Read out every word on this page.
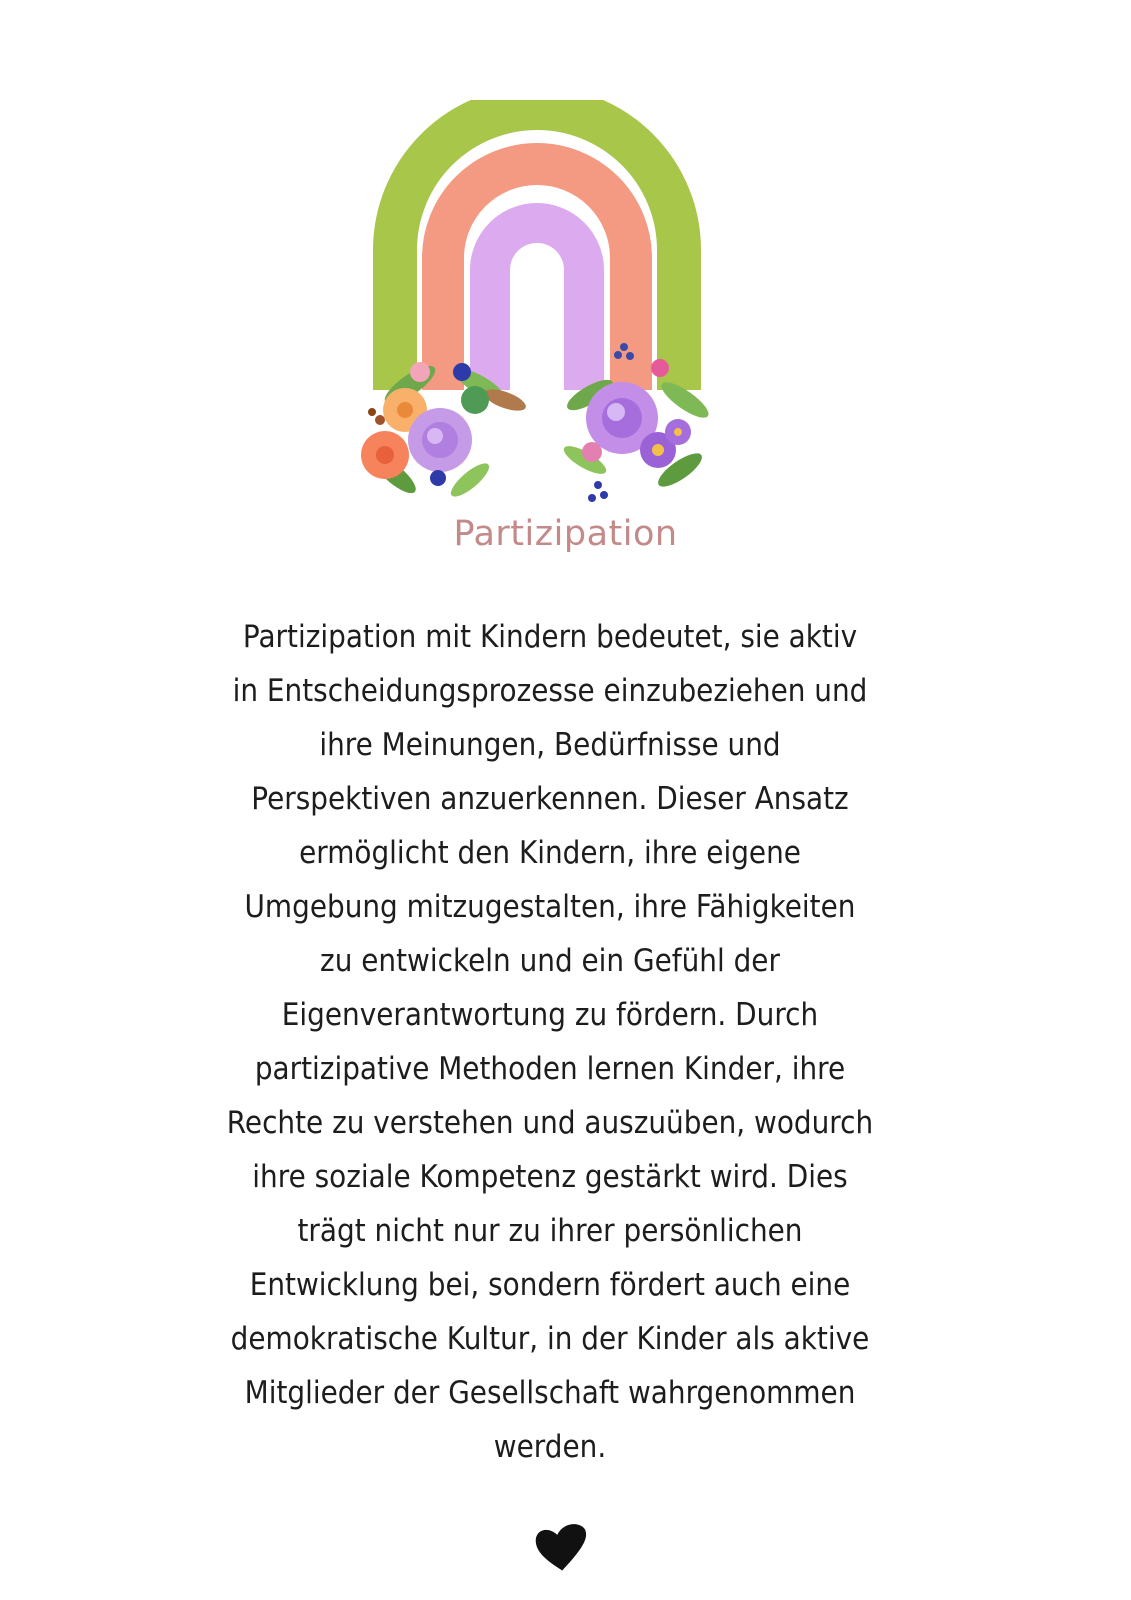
Partizipation

Partizipation mit Kindern bedeutet, sie aktiv in Entscheidungsprozesse einzubeziehen und ihre Meinungen, Bedürfnisse und Perspektiven anzuerkennen. Dieser Ansatz ermöglicht den Kindern, ihre eigene Umgebung mitzugestalten, ihre Fähigkeiten zu entwickeln und ein Gefühl der Eigenverantwortung zu fördern. Durch partizipative Methoden lernen Kinder, ihre Rechte zu verstehen und auszuüben, wodurch ihre soziale Kompetenz gestärkt wird. Dies trägt nicht nur zu ihrer persönlichen Entwicklung bei, sondern fördert auch eine demokratische Kultur, in der Kinder als aktive Mitglieder der Gesellschaft wahrgenommen werden.
